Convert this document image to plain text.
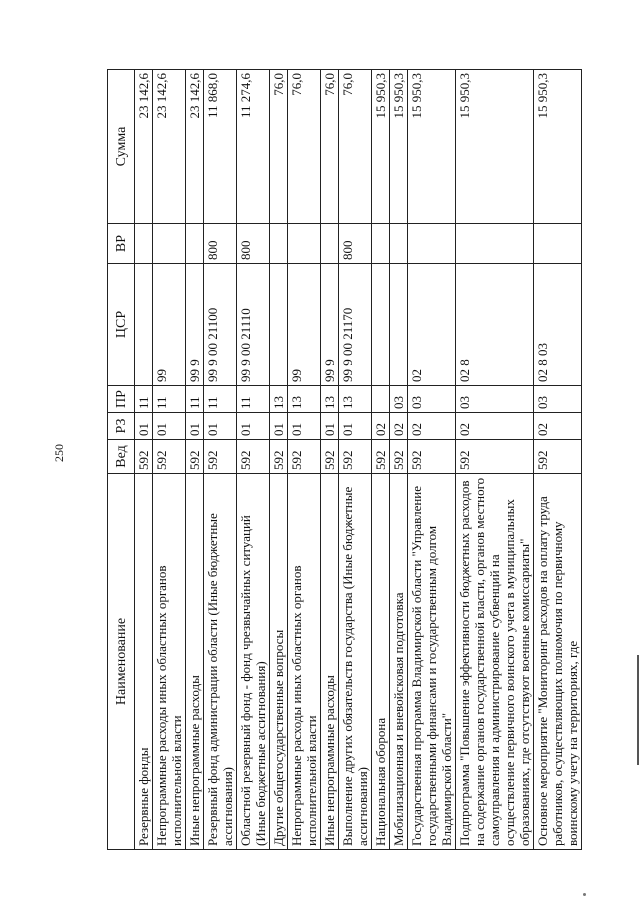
250
Наименование	Вед	РЗ	ПР	ЦСР	ВР	Сумма
Резервные фонды	592	01	11			23 142,6
Непрограммные расходы иных областных органов исполнительной власти	592	01	11	99		23 142,6
Иные непрограммные расходы	592	01	11	99 9		23 142,6
Резервный фонд администрации области (Иные бюджетные ассигнования)	592	01	11	99 9 00 21100	800	11 868,0
Областной резервный фонд - фонд чрезвычайных ситуаций (Иные бюджетные ассигнования)	592	01	11	99 9 00 21110	800	11 274,6
Другие общегосударственные вопросы	592	01	13			76,0
Непрограммные расходы иных областных органов исполнительной власти	592	01	13	99		76,0
Иные непрограммные расходы	592	01	13	99 9		76,0
Выполнение других обязательств государства (Иные бюджетные ассигнования)	592	01	13	99 9 00 21170	800	76,0
Национальная оборона	592	02				15 950,3
Мобилизационная и вневойсковая подготовка	592	02	03			15 950,3
Государственная программа Владимирской области "Управление государственными финансами и государственным долгом Владимирской области"	592	02	03	02		15 950,3
Подпрограмма "Повышение эффективности бюджетных расходов на содержание органов государственной власти, органов местного самоуправления и администрирование субвенций на осуществление первичного воинского учета в муниципальных образованиях, где отсутствуют военные комиссариаты"	592	02	03	02 8		15 950,3
Основное мероприятие "Мониторинг расходов на оплату труда работников, осуществляющих полномочия по первичному воинскому учету на территориях, где	592	02	03	02 8 03		15 950,3
